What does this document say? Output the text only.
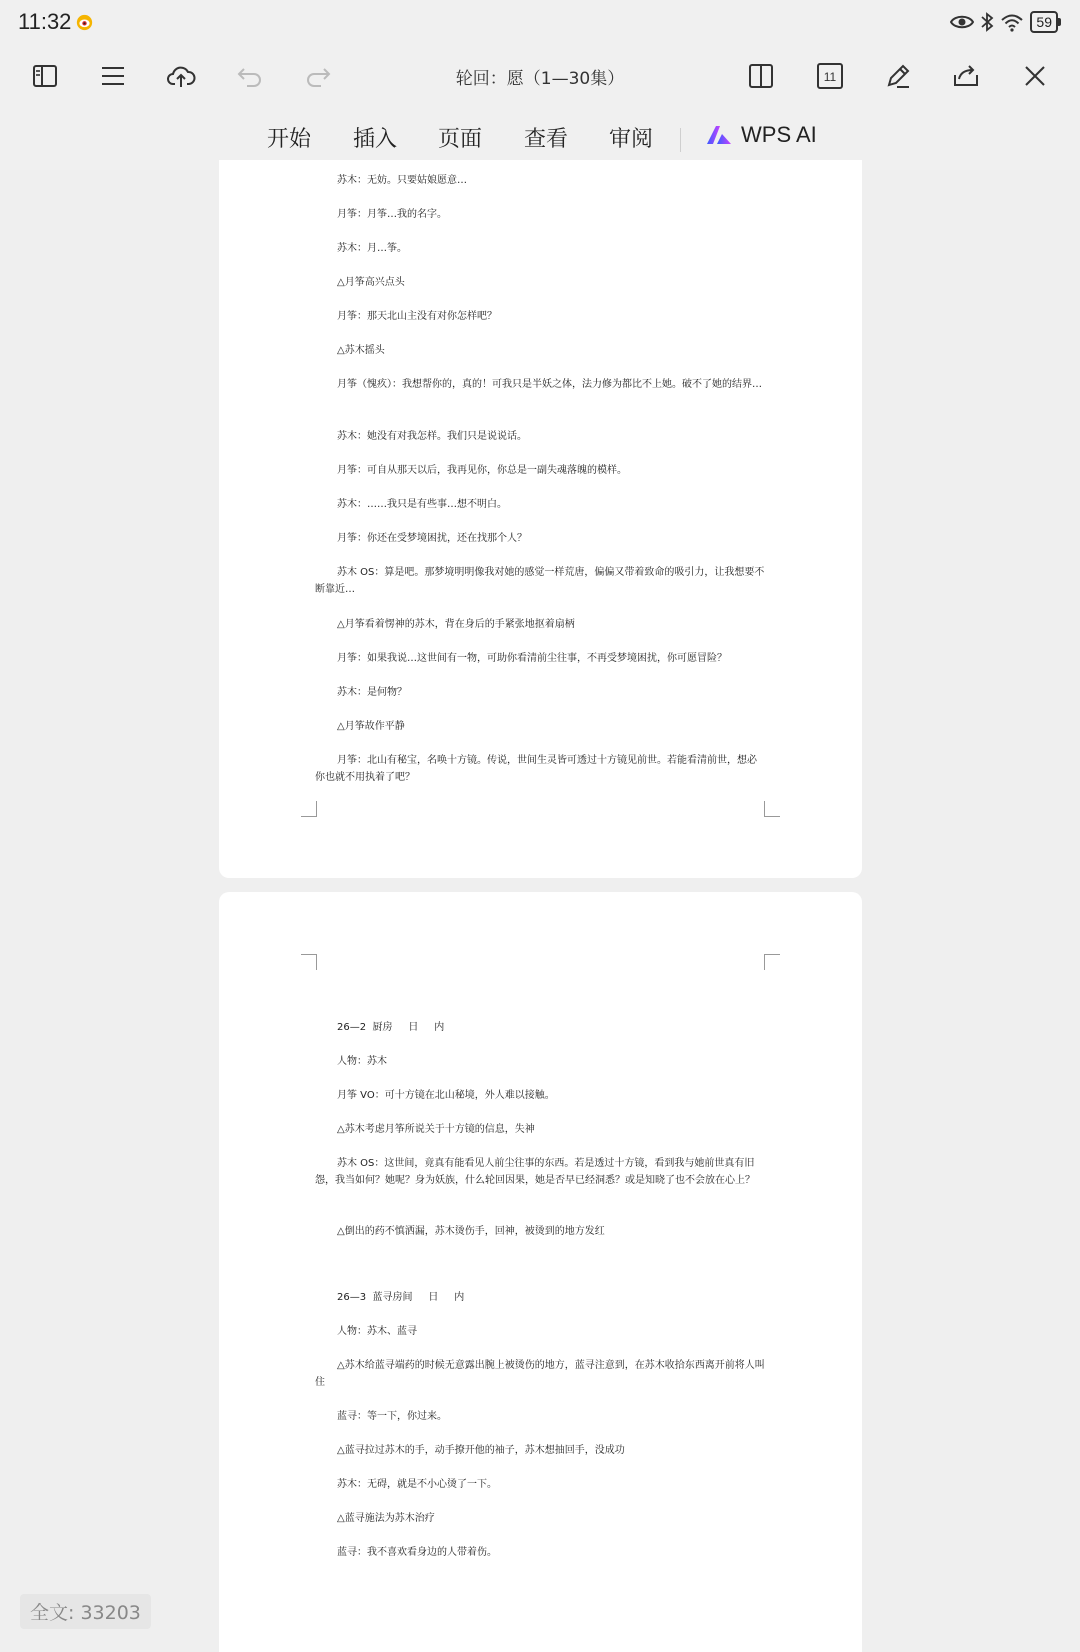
11:32	59
轮回：愿（1—30集）	11
开始 插入 页面 查看 审阅	WPS AI
苏木：无妨。只要姑娘愿意…
月筝：月筝…我的名字。
苏木：月…筝。
△月筝高兴点头
月筝：那天北山主没有对你怎样吧？
△苏木摇头
月筝（愧疚）：我想帮你的，真的！可我只是半妖之体，法力修为都比不上她。破不了她的结界…
苏木：她没有对我怎样。我们只是说说话。
月筝：可自从那天以后，我再见你，你总是一副失魂落魄的模样。
苏木：……我只是有些事…想不明白。
月筝：你还在受梦境困扰，还在找那个人？
苏木 OS：算是吧。那梦境明明像我对她的感觉一样荒唐，偏偏又带着致命的吸引力，让我想要不断靠近…
△月筝看着愣神的苏木，背在身后的手紧张地抠着扇柄
月筝：如果我说…这世间有一物，可助你看清前尘往事，不再受梦境困扰，你可愿冒险？
苏木：是何物？
△月筝故作平静
月筝：北山有秘宝，名唤十方镜。传说，世间生灵皆可透过十方镜见前世。若能看清前世，想必你也就不用执着了吧？
26—2  厨房     日     内
人物：苏木
月筝 VO：可十方镜在北山秘境，外人难以接触。
△苏木考虑月筝所说关于十方镜的信息，失神
苏木 OS：这世间，竟真有能看见人前尘往事的东西。若是透过十方镜，看到我与她前世真有旧怨，我当如何？她呢？身为妖族，什么轮回因果，她是否早已经洞悉？或是知晓了也不会放在心上？
△倒出的药不慎洒漏，苏木烫伤手，回神，被烫到的地方发红
26—3  蓝寻房间     日     内
人物：苏木、蓝寻
△苏木给蓝寻端药的时候无意露出腕上被烫伤的地方，蓝寻注意到，在苏木收拾东西离开前将人叫住
蓝寻：等一下，你过来。
△蓝寻拉过苏木的手，动手撩开他的袖子，苏木想抽回手，没成功
苏木：无碍，就是不小心烫了一下。
△蓝寻施法为苏木治疗
蓝寻：我不喜欢看身边的人带着伤。
全文: 33203
